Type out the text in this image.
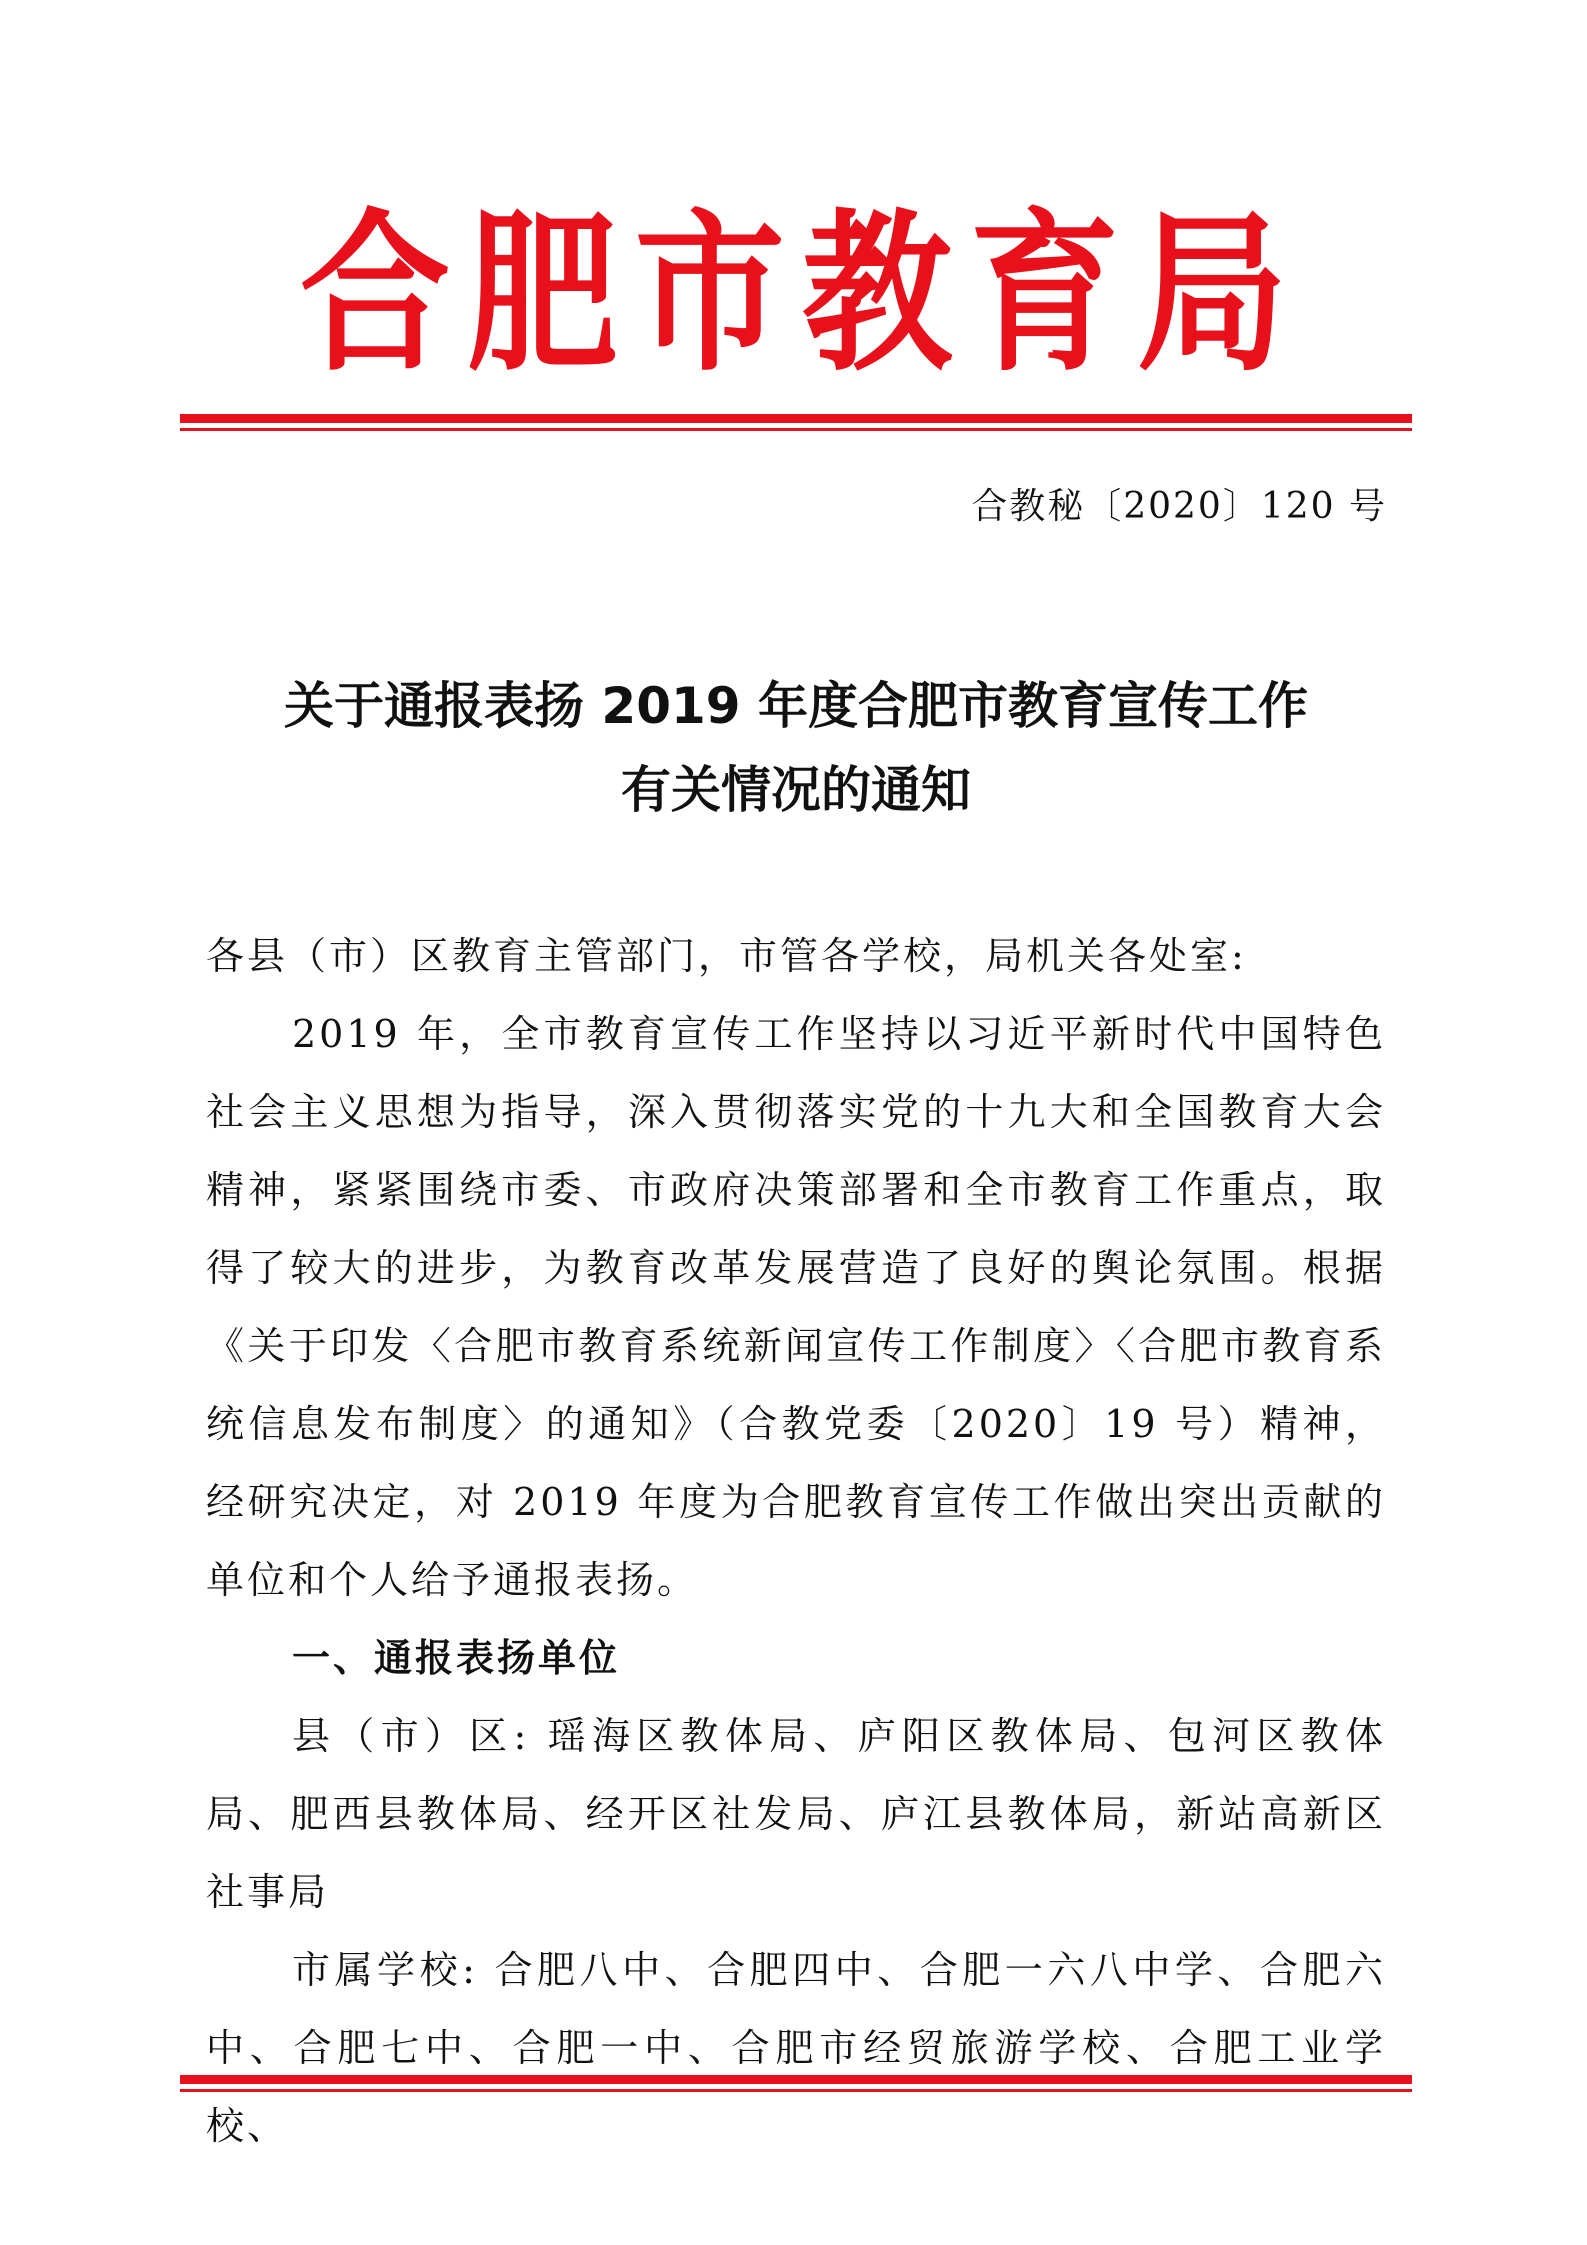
合 肥 市 教 育 局
合教秘〔2020〕120 号
关于通报表扬 2019 年度合肥市教育宣传工作
有关情况的通知

各县（市）区教育主管部门，市管各学校，局机关各处室:

2019 年，全市教育宣传工作坚持以习近平新时代中国特色社会主义思想为指导，深入贯彻落实党的十九大和全国教育大会精神，紧紧围绕市委、市政府决策部署和全市教育工作重点，取得了较大的进步，为教育改革发展营造了良好的舆论氛围。根据《关于印发〈合肥市教育系统新闻宣传工作制度〉〈合肥市教育系统信息发布制度〉的通知》（合教党委〔2020〕19 号）精神，经研究决定，对 2019 年度为合肥教育宣传工作做出突出贡献的单位和个人给予通报表扬。

一、通报表扬单位

县（市）区: 瑶海区教体局、庐阳区教体局、包河区教体局、肥西县教体局、经开区社发局、庐江县教体局，新站高新区社事局

市属学校: 合肥八中、合肥四中、合肥一六八中学、合肥六中、合肥七中、合肥一中、合肥市经贸旅游学校、合肥工业学校、
